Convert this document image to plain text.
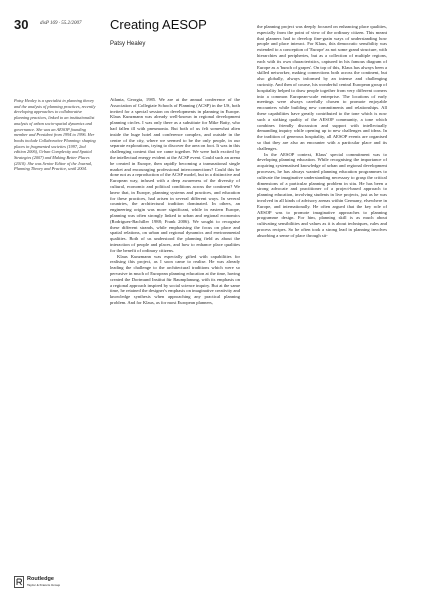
30 disP 169 · 55.2/2007 Creating AESOP
Patsy Healey
Patsy Healey is a specialist in planning theory and the analysis of planning practices, recently developing approaches to collaborative planning practices, linked to an institutionalist analysis of urban socio-spatial dynamics and governance. She was an AESOP founding member and President from 1994 to 1996. Her books include Collaborative Planning: shaping places in fragmented societies (1997, 2nd edition 2006), Urban Complexity and Spatial Strategies (2007) and Making Better Places (2010). She was Senior Editor of the Journal, Planning Theory and Practice, until 2004.

Atlanta, Georgia, 1985. We are at the annual conference of the Association of Collegiate Schools of Planning (ACSP) in the US, both invited for a special session on developments in planning in Europe. Klaus Kunzmann was already well-known in regional development planning circles. I was only there as a substitute for Mike Batty, who had fallen ill with pneumonia. But both of us felt somewhat alien inside the huge hotel and conference complex, and outside in the centre of the city, where we seemed to be the only people, in our separate explorations, trying to discover the area on foot. It was in this challenging context that we came together. We were both excited by the intellectual energy evident at the ACSP event. Could such an arena be created in Europe, then rapidly becoming a transnational single market and encouraging professional interconnections? Could this be done not as a reproduction of the ACSP model, but in a distinctive and European way, infused with a deep awareness of the diversity of cultural, economic and political conditions across the continent? We knew that, in Europe, planning systems and practices, and education for these practices, had arisen in several different ways. In several countries, the architectural tradition dominated. In others, an engineering origin was more significant, while in eastern Europe, planning was often strongly linked to urban and regional economics (Rodriguez-Bachiller 1988; Frank 2006). We sought to recognise these different strands, while emphasising the focus on place and spatial relations, on urban and regional dynamics and environmental qualities. Both of us understood the planning field as about the interaction of people and places, and how to enhance place qualities for the benefit of ordinary citizens.

Klaus Kunzmann was especially gifted with capabilities for realising this project, as I soon came to realise. He was already leading the challenge to the architectural traditions which were so pervasive in much of European planning education at the time, having created the Dortmund Institut für Raumplanung, with its emphasis on a regional approach inspired by social science inquiry. But at the same time, he retained the designer's emphasis on imaginative creativity and knowledge synthesis when approaching any practical planning problem. And for Klaus, as for most European planners,

the planning project was deeply focused on enhancing place qualities, especially from the point of view of the ordinary citizen. This meant that planners had to develop fine-grain ways of understanding how people and place interact. For Klaus, this democratic sensibility was extended to a conception of 'Europe' as not some grand structure, with hierarchies and peripheries, but as a collection of multiple regions, each with its own characteristics, captured in his famous diagram of Europe as a 'bunch of grapes'. On top of this, Klaus has always been a skilled networker, making connections both across the continent, but also globally, always informed by an intense and challenging curiosity. And then of course, his wonderful central European group of hospitality helped to draw people together from very different corners into a common European-scale enterprise. The locations of early meetings were always carefully chosen to promote enjoyable encounters while building new commitments and relationships. All these capabilities have greatly contributed to the tone which is now such a striking quality of the AESOP community, a tone which combines friendly discussion and support with intellectually demanding inquiry while opening up to new challenges and ideas. In the tradition of generous hospitality, all AESOP events are organised so that they are also an encounter with a particular place and its challenges.

In the AESOP context, Klaus' special commitment was to developing planning education. While recognising the importance of acquiring systematised knowledge of urban and regional development processes, he has always wanted planning education programmes to cultivate the imaginative understanding necessary to grasp the critical dimensions of a particular planning problem in situ. He has been a strong advocate and practitioner of a project-based approach to planning education, involving students in live projects, just as he was involved in all kinds of advisory arenas within Germany, elsewhere in Europe, and internationally. He often argued that the key role of AESOP was to promote imaginative approaches to planning programme design. For him, planning skill is as much about cultivating sensibilities and values as it is about techniques, rules and process recipes. So he often took a strong lead in planning involves absorbing a sense of place through sit-

Routledge
Taylor & Francis Group
